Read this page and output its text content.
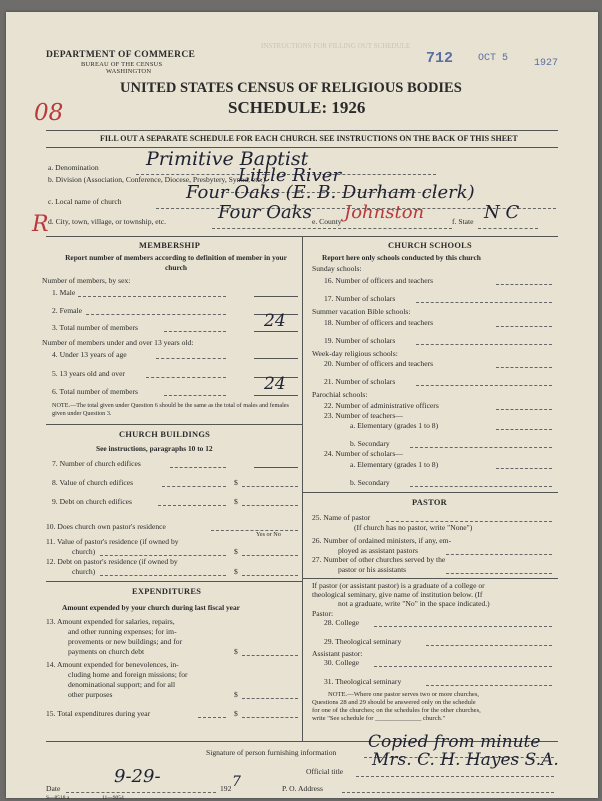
DEPARTMENT OF COMMERCE
BUREAU OF THE CENSUS
WASHINGTON
712 OCT 5	1927
INSTRUCTIONS FOR FILLING OUT SCHEDULE
UNITED STATES CENSUS OF RELIGIOUS BODIES
SCHEDULE: 1926
08
FILL OUT A SEPARATE SCHEDULE FOR EACH CHURCH. SEE INSTRUCTIONS ON THE BACK OF THIS SHEET
a. Denomination Primitive Baptist
b. Division (Association, Conference, Diocese, Presbytery, Synod, etc.)
Little River
c. Local name of church	Four Oaks (E. B. Durham clerk)
R d. City, town, village, or township, etc.	Four Oaks e. County Johnston	f. State N C
MEMBERSHIP
Report number of members according to definition of member in your church
Number of members, by sex:
1. Male
2. Female
3. Total number of members	24
Number of members under and over 13 years old:
4. Under 13 years of age
5. 13 years old and over
6. Total number of members	24
NOTE.—The total given under Question 6 should be the same as the total of males and females given under Question 3.
CHURCH BUILDINGS
See instructions, paragraphs 10 to 12
7. Number of church edifices
8. Value of church edifices	$
9. Debt on church edifices	$
10. Does church own pastor's residence
Yes or No
11. Value of pastor's residence (if owned by
church)	$
12. Debt on pastor's residence (if owned by
church)	$
EXPENDITURES
Amount expended by your church during last fiscal year
13. Amount expended for salaries, repairs,
and other running expenses; for im-
provements or new buildings; and for
payments on church debt	$
14. Amount expended for benevolences, in-
cluding home and foreign missions; for
denominational support; and for all
other purposes	$
15. Total expenditures during year	$
CHURCH SCHOOLS
Report here only schools conducted by this church
Sunday schools:
16. Number of officers and teachers
17. Number of scholars
Summer vacation Bible schools:
18. Number of officers and teachers
19. Number of scholars
Week-day religious schools:
20. Number of officers and teachers
21. Number of scholars
Parochial schools:
22. Number of administrative officers
23. Number of teachers—
a. Elementary (grades 1 to 8)
b. Secondary
24. Number of scholars—
a. Elementary (grades 1 to 8)
b. Secondary
PASTOR
25. Name of pastor
(If church has no pastor, write "None")
26. Number of ordained ministers, if any, em-
ployed as assistant pastors
27. Number of other churches served by the
pastor or his assistants
If pastor (or assistant pastor) is a graduate of a college or
theological seminary, give name of institution below. (If
not a graduate, write "No" in the space indicated.)
Pastor:
28. College
29. Theological seminary
Assistant pastor:
30. College
31. Theological seminary
NOTE.—Where one pastor serves two or more churches,
Questions 28 and 29 should be answered only on the schedule
for one of the churches; on the schedules for the other churches,
write "See schedule for ______________ church."
Signature of person furnishing information
Copied from minute
Official title
Mrs. C. H. Hayes S.A.
Date
9-29-
192 7	P. O. Address
S—8518 a	11—9054
